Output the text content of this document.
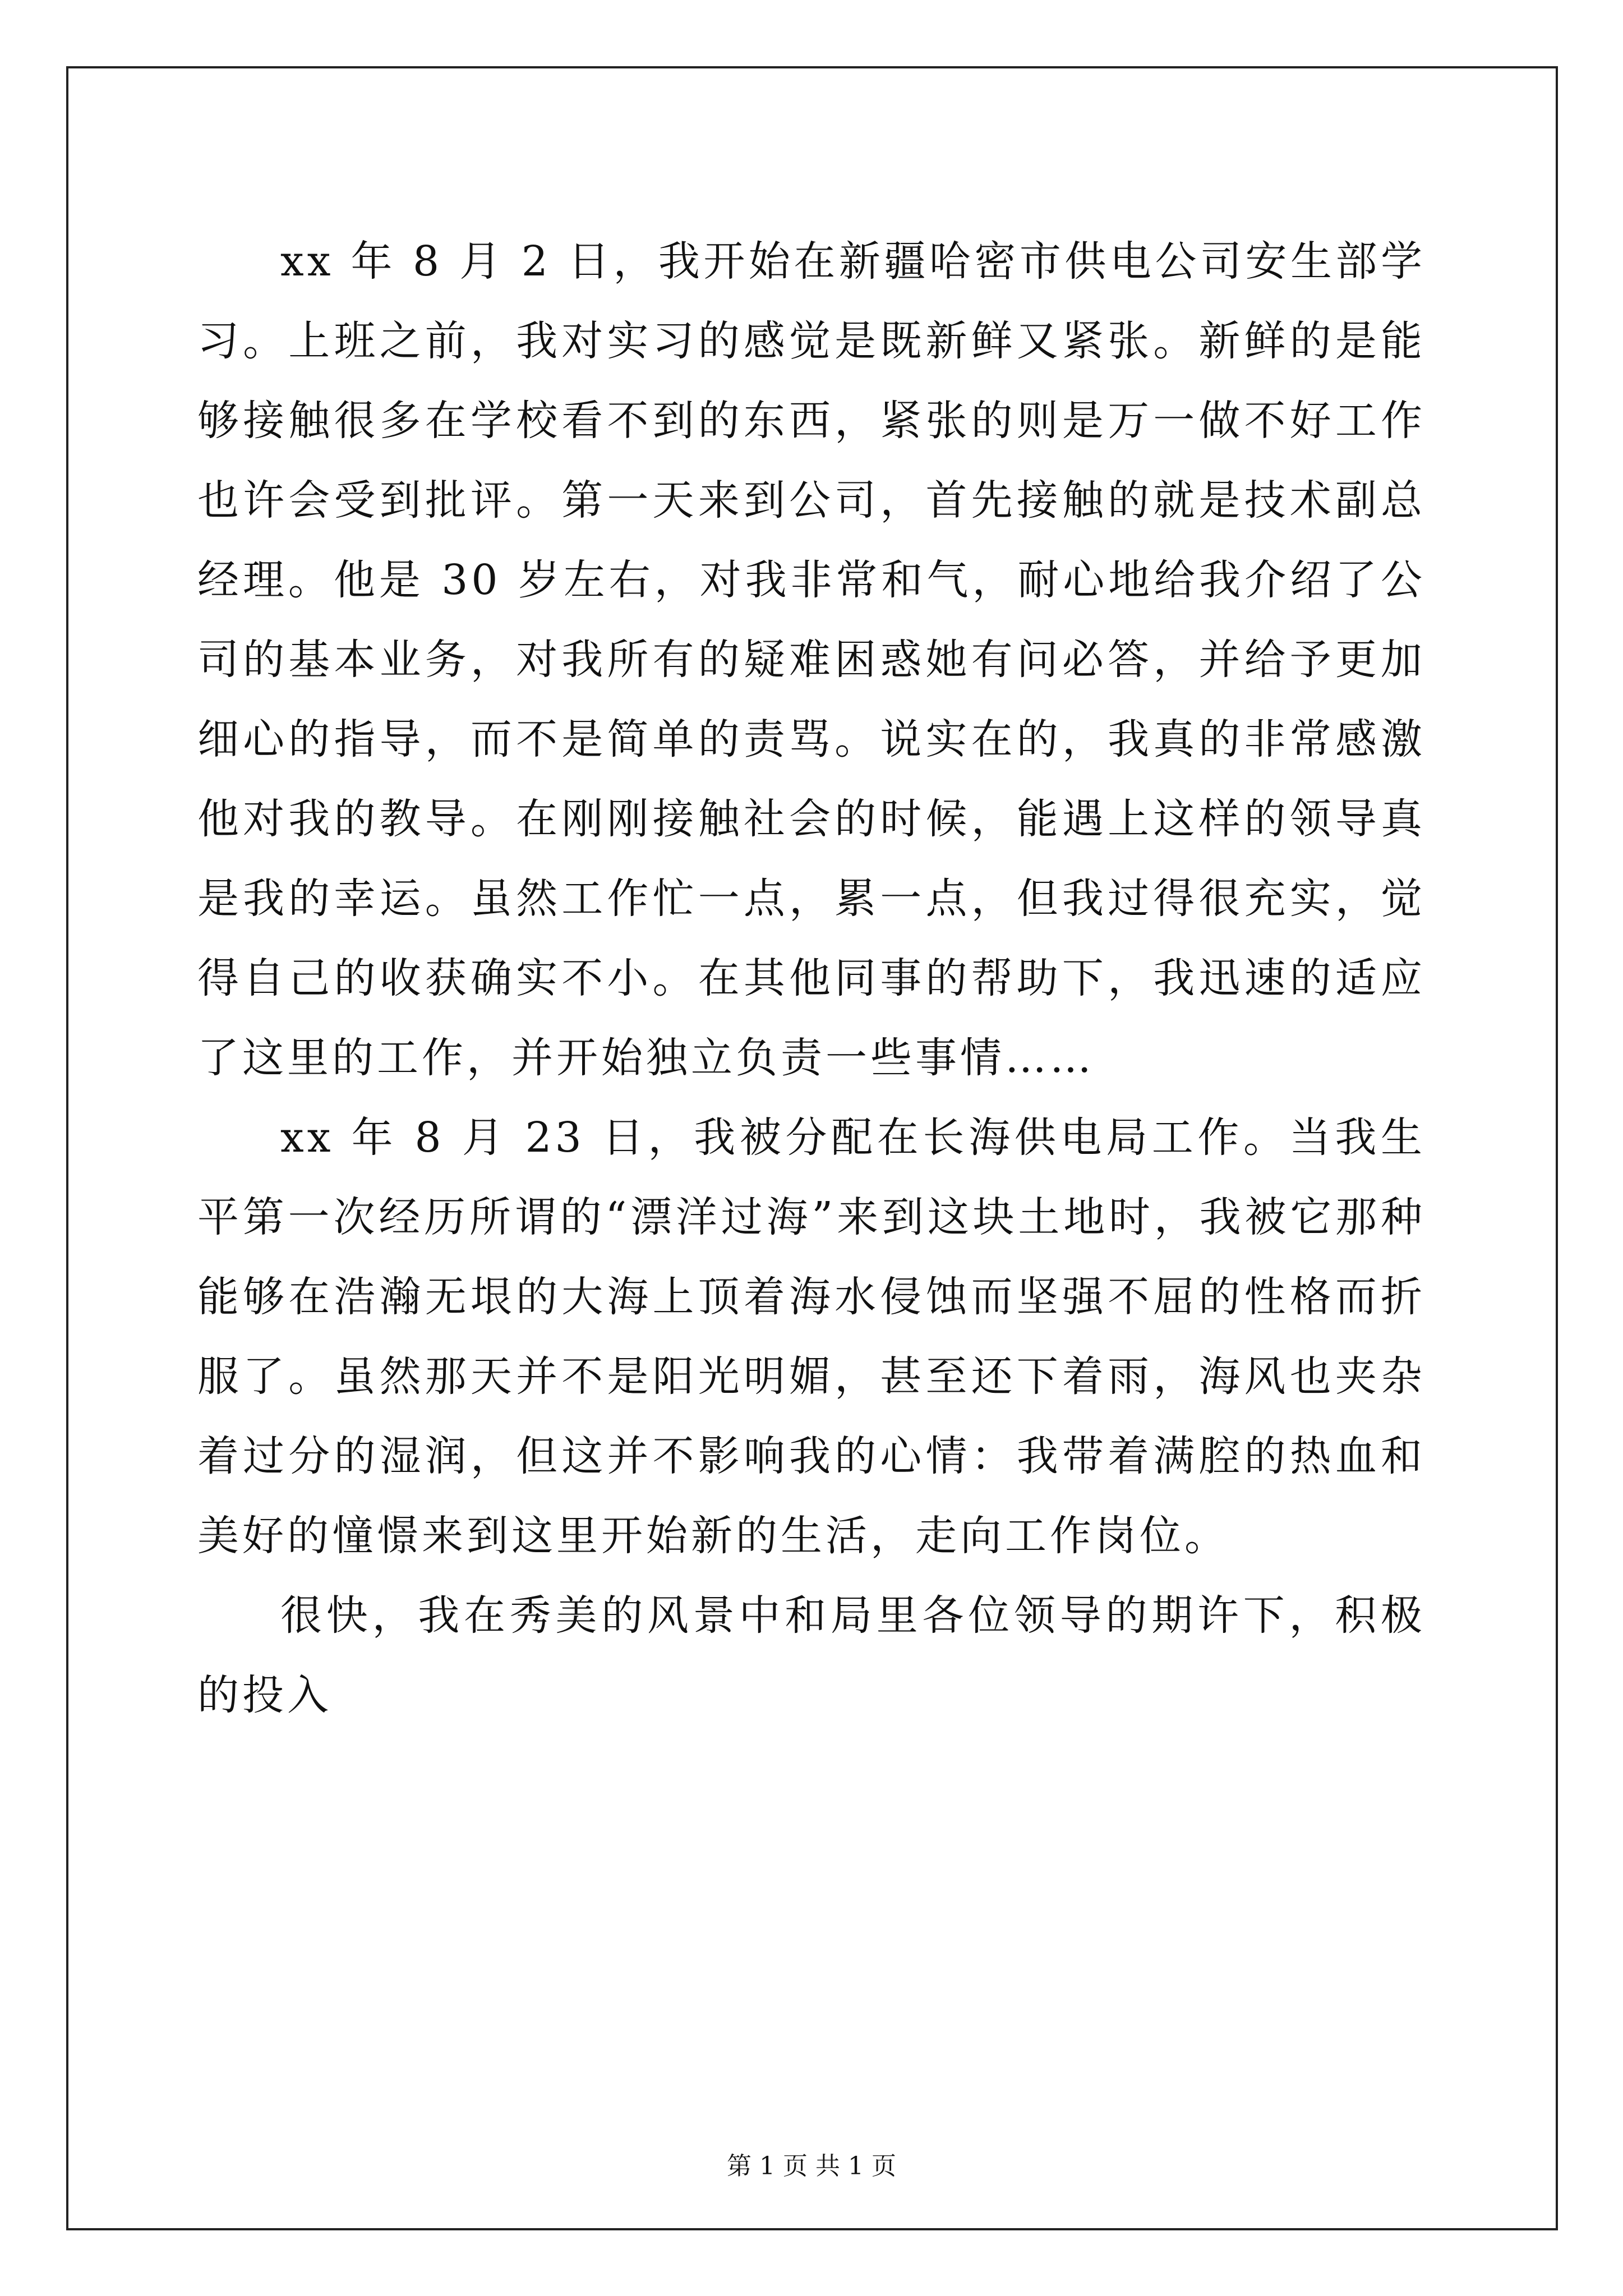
xx 年 8 月 2 日，我开始在新疆哈密市供电公司安生部学习。上班之前，我对实习的感觉是既新鲜又紧张。新鲜的是能够接触很多在学校看不到的东西，紧张的则是万一做不好工作也许会受到批评。第一天来到公司，首先接触的就是技术副总经理。他是 30 岁左右，对我非常和气，耐心地给我介绍了公司的基本业务，对我所有的疑难困惑她有问必答，并给予更加细心的指导，而不是简单的责骂。说实在的，我真的非常感激他对我的教导。在刚刚接触社会的时候，能遇上这样的领导真是我的幸运。虽然工作忙一点，累一点，但我过得很充实，觉得自己的收获确实不小。在其他同事的帮助下，我迅速的适应了这里的工作，并开始独立负责一些事情……

xx 年 8 月 23 日，我被分配在长海供电局工作。当我生平第一次经历所谓的“漂洋过海”来到这块土地时，我被它那种能够在浩瀚无垠的大海上顶着海水侵蚀而坚强不屈的性格而折服了。虽然那天并不是阳光明媚，甚至还下着雨，海风也夹杂着过分的湿润，但这并不影响我的心情：我带着满腔的热血和美好的憧憬来到这里开始新的生活，走向工作岗位。

很快，我在秀美的风景中和局里各位领导的期许下，积极的投入

第 1 页 共 1 页
